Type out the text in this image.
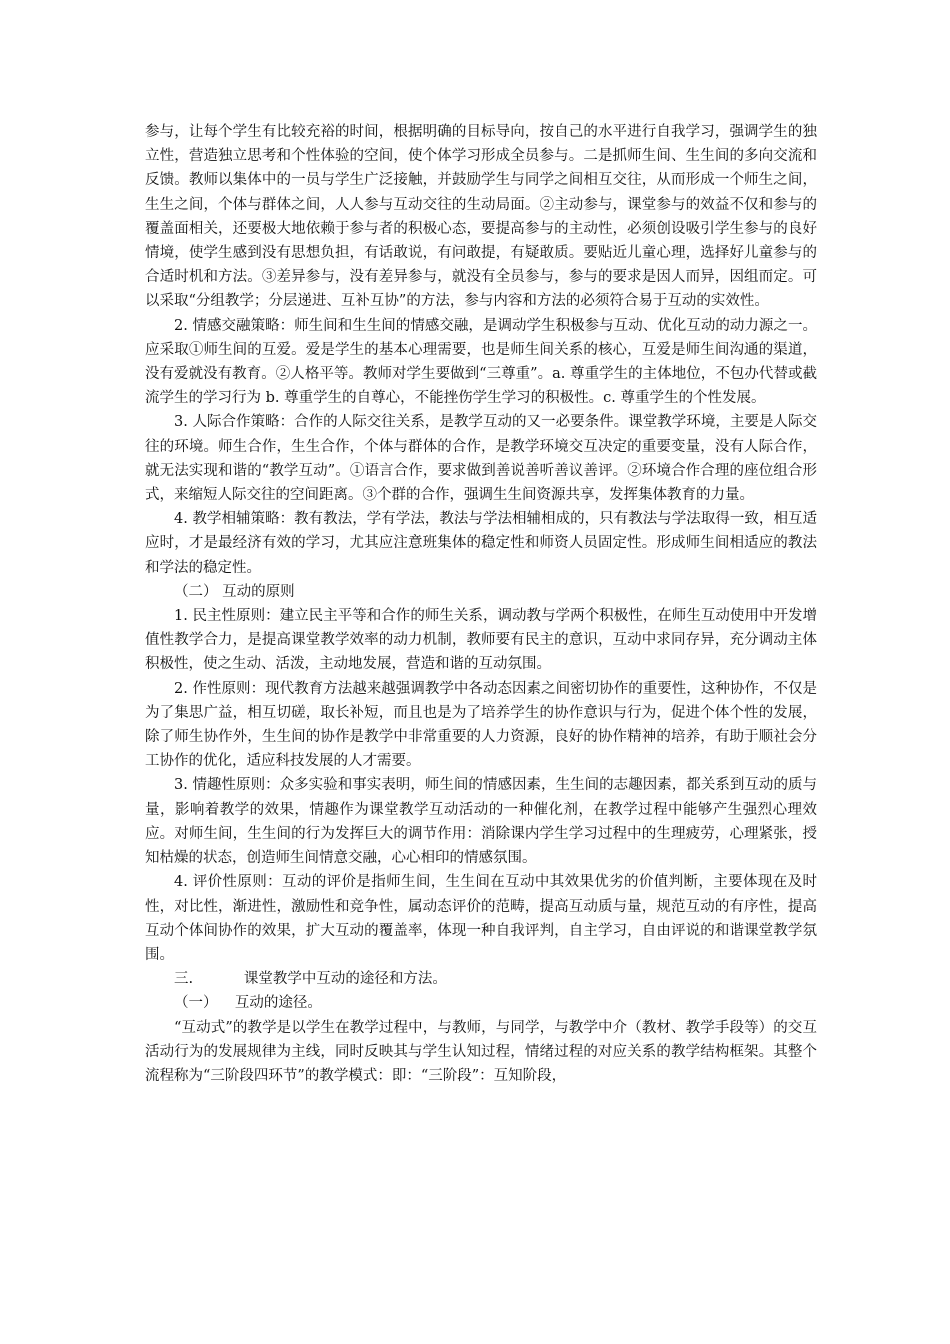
参与，让每个学生有比较充裕的时间，根据明确的目标导向，按自己的水平进行自我学习，强调学生的独立性，营造独立思考和个性体验的空间，使个体学习形成全员参与。二是抓师生间、生生间的多向交流和反馈。教师以集体中的一员与学生广泛接触，并鼓励学生与同学之间相互交往，从而形成一个师生之间，生生之间，个体与群体之间，人人参与互动交往的生动局面。②主动参与，课堂参与的效益不仅和参与的覆盖面相关，还要极大地依赖于参与者的积极心态，要提高参与的主动性，必须创设吸引学生参与的良好情境，使学生感到没有思想负担，有话敢说，有问敢提，有疑敢质。要贴近儿童心理，选择好儿童参与的合适时机和方法。③差异参与，没有差异参与，就没有全员参与，参与的要求是因人而异，因组而定。可以采取“分组教学；分层递进、互补互协”的方法，参与内容和方法的必须符合易于互动的实效性。

2. 情感交融策略：师生间和生生间的情感交融，是调动学生积极参与互动、优化互动的动力源之一。应采取①师生间的互爱。爱是学生的基本心理需要，也是师生间关系的核心，互爱是师生间沟通的渠道，没有爱就没有教育。②人格平等。教师对学生要做到“三尊重”。a. 尊重学生的主体地位，不包办代替或截流学生的学习行为 b. 尊重学生的自尊心，不能挫伤学生学习的积极性。c. 尊重学生的个性发展。

3. 人际合作策略：合作的人际交往关系，是教学互动的又一必要条件。课堂教学环境，主要是人际交往的环境。师生合作，生生合作，个体与群体的合作，是教学环境交互决定的重要变量，没有人际合作，就无法实现和谐的“教学互动”。①语言合作，要求做到善说善听善议善评。②环境合作合理的座位组合形式，来缩短人际交往的空间距离。③个群的合作，强调生生间资源共享，发挥集体教育的力量。

4. 教学相辅策略：教有教法，学有学法，教法与学法相辅相成的，只有教法与学法取得一致，相互适应时，才是最经济有效的学习，尤其应注意班集体的稳定性和师资人员固定性。形成师生间相适应的教法和学法的稳定性。

（二） 互动的原则

1. 民主性原则：建立民主平等和合作的师生关系，调动教与学两个积极性，在师生互动使用中开发增值性教学合力，是提高课堂教学效率的动力机制，教师要有民主的意识，互动中求同存异，充分调动主体积极性，使之生动、活泼，主动地发展，营造和谐的互动氛围。

2. 作性原则：现代教育方法越来越强调教学中各动态因素之间密切协作的重要性，这种协作，不仅是为了集思广益，相互切磋，取长补短，而且也是为了培养学生的协作意识与行为，促进个体个性的发展，除了师生协作外，生生间的协作是教学中非常重要的人力资源，良好的协作精神的培养，有助于顺社会分工协作的优化，适应科技发展的人才需要。

3. 情趣性原则：众多实验和事实表明，师生间的情感因素，生生间的志趣因素，都关系到互动的质与量，影响着教学的效果，情趣作为课堂教学互动活动的一种催化剂，在教学过程中能够产生强烈心理效应。对师生间，生生间的行为发挥巨大的调节作用：消除课内学生学习过程中的生理疲劳，心理紧张，授知枯燥的状态，创造师生间情意交融，心心相印的情感氛围。

4. 评价性原则：互动的评价是指师生间，生生间在互动中其效果优劣的价值判断，主要体现在及时性，对比性，渐进性，激励性和竞争性，属动态评价的范畴，提高互动质与量，规范互动的有序性，提高互动个体间协作的效果，扩大互动的覆盖率，体现一种自我评判，自主学习，自由评说的和谐课堂教学氛围。

三.	课堂教学中互动的途径和方法。

（一） 互动的途径。

“互动式”的教学是以学生在教学过程中，与教师，与同学，与教学中介（教材、教学手段等）的交互活动行为的发展规律为主线，同时反映其与学生认知过程，情绪过程的对应关系的教学结构框架。其整个流程称为“三阶段四环节”的教学模式：即：“三阶段”：互知阶段，
